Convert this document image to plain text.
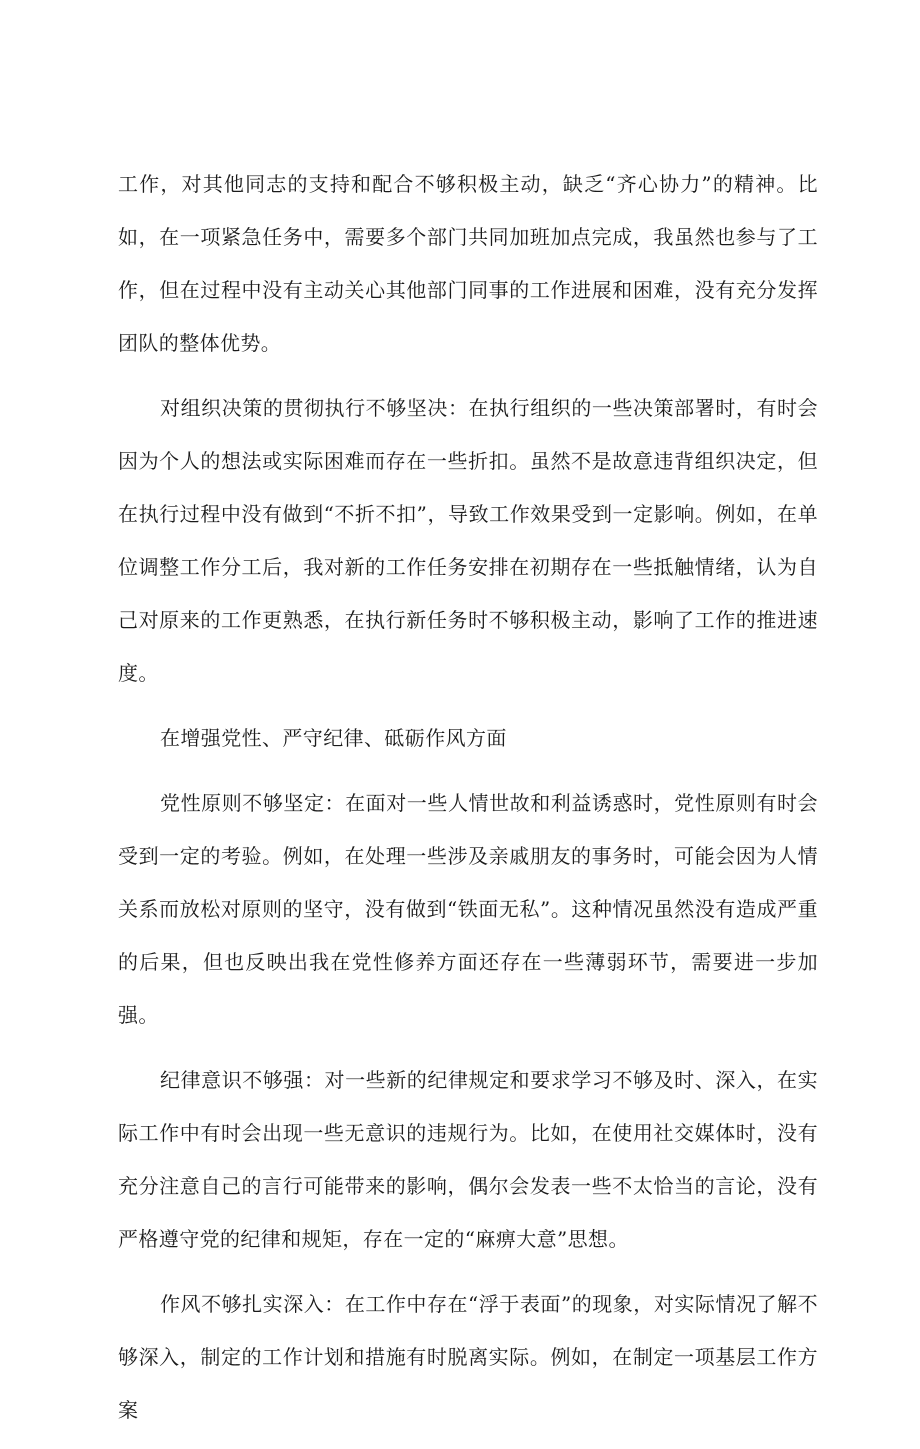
工作，对其他同志的支持和配合不够积极主动，缺乏“齐心协力”的精神。比如，在一项紧急任务中，需要多个部门共同加班加点完成，我虽然也参与了工作，但在过程中没有主动关心其他部门同事的工作进展和困难，没有充分发挥团队的整体优势。

对组织决策的贯彻执行不够坚决：在执行组织的一些决策部署时，有时会因为个人的想法或实际困难而存在一些折扣。虽然不是故意违背组织决定，但在执行过程中没有做到“不折不扣”，导致工作效果受到一定影响。例如，在单位调整工作分工后，我对新的工作任务安排在初期存在一些抵触情绪，认为自己对原来的工作更熟悉，在执行新任务时不够积极主动，影响了工作的推进速度。

在增强党性、严守纪律、砥砺作风方面

党性原则不够坚定：在面对一些人情世故和利益诱惑时，党性原则有时会受到一定的考验。例如，在处理一些涉及亲戚朋友的事务时，可能会因为人情关系而放松对原则的坚守，没有做到“铁面无私”。这种情况虽然没有造成严重的后果，但也反映出我在党性修养方面还存在一些薄弱环节，需要进一步加强。

纪律意识不够强：对一些新的纪律规定和要求学习不够及时、深入，在实际工作中有时会出现一些无意识的违规行为。比如，在使用社交媒体时，没有充分注意自己的言行可能带来的影响，偶尔会发表一些不太恰当的言论，没有严格遵守党的纪律和规矩，存在一定的“麻痹大意”思想。

作风不够扎实深入：在工作中存在“浮于表面”的现象，对实际情况了解不够深入，制定的工作计划和措施有时脱离实际。例如，在制定一项基层工作方案
